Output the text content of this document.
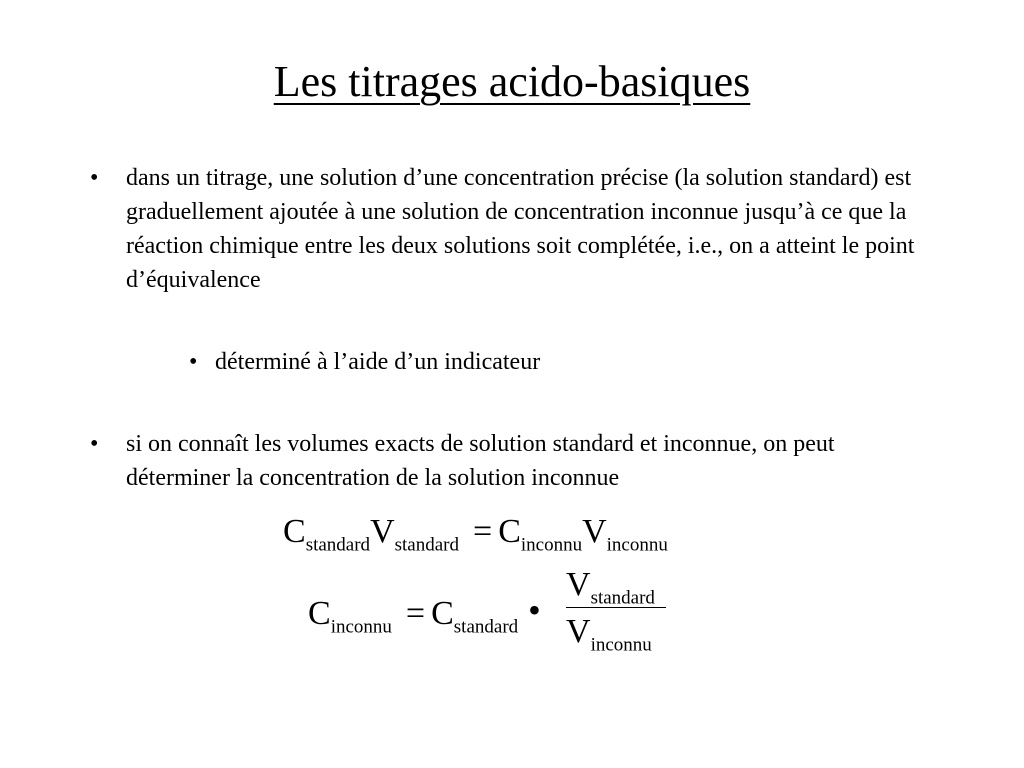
Les titrages acido-basiques
• dans un titrage, une solution d’une concentration précise (la solution standard) est graduellement ajoutée à une solution de concentration inconnue jusqu’à ce que la réaction chimique entre les deux solutions soit complétée, i.e., on a atteint le point d’équivalence
• déterminé à l’aide d’un indicateur
• si on connaît les volumes exacts de solution standard et inconnue, on peut déterminer la concentration de la solution inconnue
$C_{standard}V_{standard} = C_{inconnu}V_{inconnu}$
$C_{inconnu} = C_{standard}$ •
$V_{standard}$
$V_{inconnu}$
